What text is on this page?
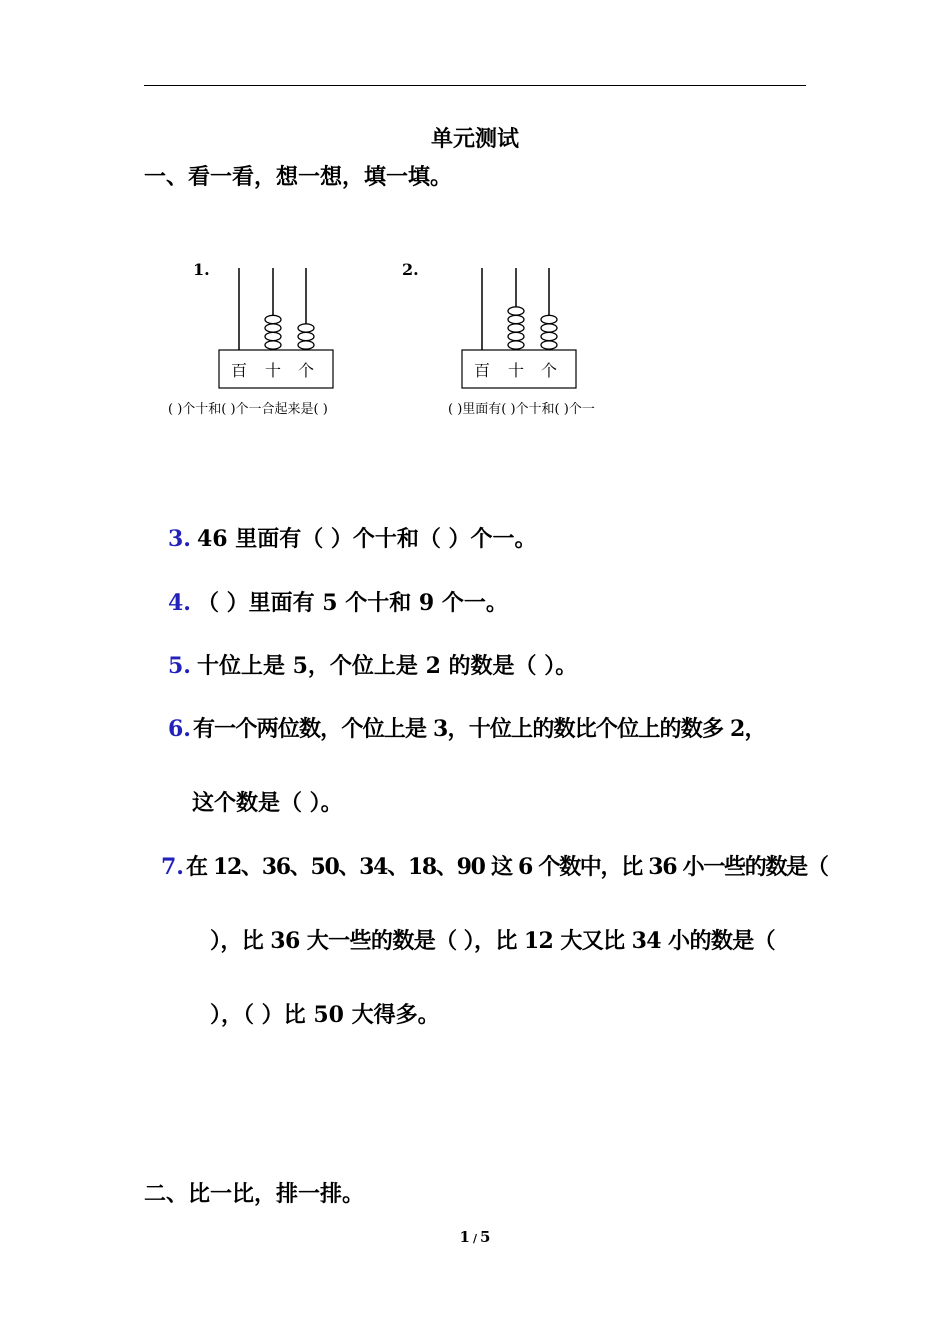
单元测试
一、看一看，想一想，填一填。
1.
百 十 个
( )个十和( )个一合起来是( )
2.
百 十 个
( )里面有( )个十和( )个一
3. 46 里面有（ ）个十和（ ）个一。
4. （ ）里面有 5 个十和 9 个一。
5. 十位上是 5，个位上是 2 的数是（ ）。
6.有一个两位数，个位上是 3，十位上的数比个位上的数多 2，
这个数是（ ）。
7.在 12、36、50、34、18、90 这 6 个数中，比 36 小一些的数是（
），比 36 大一些的数是（ ），比 12 大又比 34 小的数是（
），（ ）比 50 大得多。
二、比一比，排一排。
1 / 5
